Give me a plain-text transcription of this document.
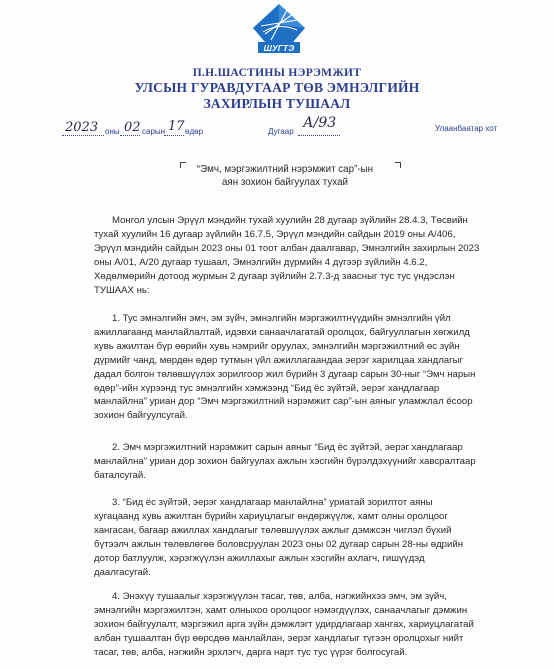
ШУГТЭ
П.Н.ШАСТИНЫ НЭРЭМЖИТ
УЛСЫН ГУРАВДУГААР ТӨВ ЭМНЭЛГИЙН
ЗАХИРЛЫН ТУШААЛ
2023 оны 02 сарын 17 өдөр	Дугаар
А/93	Улаанбаатар хот
“Эмч, мэргэжилтний нэрэмжит сар”-ын
аян зохион байгуулах тухай

Монгол улсын Эрүүл мэндийн тухай хуулийн 28 дугаар зүйлийн 28.4.3, Төсвийн

тухай хуулийн 16 дугаар зүйлийн 16.7.5, Эрүүл мэндийн сайдын 2019 оны А/406,

Эрүүл мэндийн сайдын 2023 оны 01 тоот албан даалгавар, Эмнэлгийн захирлын 2023

оны А/01, А/20 дугаар тушаал, Эмнэлгийн дүрмийн 4 дүгээр зүйлийн 4.6.2,

Хөдөлмөрийн дотоод журмын 2 дугаар зүйлийн 2.7.3-д заасныг тус тус үндэслэн

ТУШААХ нь:

1. Тус эмнэлгийн эмч, эм зүйч, эмнэлгийн мэргэжилтнүүдийн эмнэлгийн үйл

ажиллагаанд манлайлалтай, идэвхи санаачлагатай оролцох, байгууллагын хөгжилд

хувь ажилтан бүр өөрийн хувь нэмрийг оруулах, эмнэлгийн мэргэжилтний өс зүйн

дүрмийг чанд, мөрдөн өдөр тутмын үйл ажиллагаандаа эерэг харилцаа хандлагыг

дадал болгон төлөвшүүлэх зорилгоор жил бүрийн 3 дугаар сарын 30-ныг “Эмч нарын

өдөр”-ийн хүрээнд тус эмнэлгийн хэмжээнд “Бид ёс зүйтэй, эерэг хандлагаар

манлайлна” уриан дор “Эмч мэргэжилтний нэрэмжит сар”-ын аяныг уламжлал ёсоор

зохион байгуулсугай.

2. Эмч мэргэжилтний нэрэмжит сарын аяныг “Бид ёс зүйтэй, эерэг хандлагаар

манлайлна” уриан дор зохион байгуулах ажлын хэсгийн бүрэлдэхүүнийг хавсралтаар

баталсугай.

3. “Бид ёс зүйтэй, эерэг хандлагаар манлайлна” уриатай зорилтот аяны

хугацаанд хувь ажилтан бүрийн хариуцлагыг өндөржүүлж, хамт олны оролцоог

хангасан, багаар ажиллах хандлагыг төлөвшүүлэх ажлыг дэмжсэн чиглэл бүхий

бүтээлч ажлын төлөвлөгөө боловсруулан 2023 оны 02 дугаар сарын 28-ны өдрийн

дотор батлуулж, хэрэгжүүлэн ажиллахыг ажлын хэсгийн ахлагч, гишүүдэд

даалгасугай.

4. Энэхүү тушаалыг хэрэгжүүлэн тасаг, төв, алба, нэгжийнхээ эмч, эм зүйч,

эмнэлгийн мэргэжилтэн, хамт олныхоо оролцоог нэмэгдүүлэх, санаачлагыг дэмжин

зохион байгуулалт, мэргэжил арга зүйн дэмжлэгт удирдлагаар хангах, хариуцлагатай

албан тушаалтан бүр өөрсдөө манлайлан, эерэг хандлагыг түгээн оролцохыг нийт

тасаг, төв, алба, нэгжийн эрхлэгч, дарга нарт тус тус үүрэг болгосугай.
